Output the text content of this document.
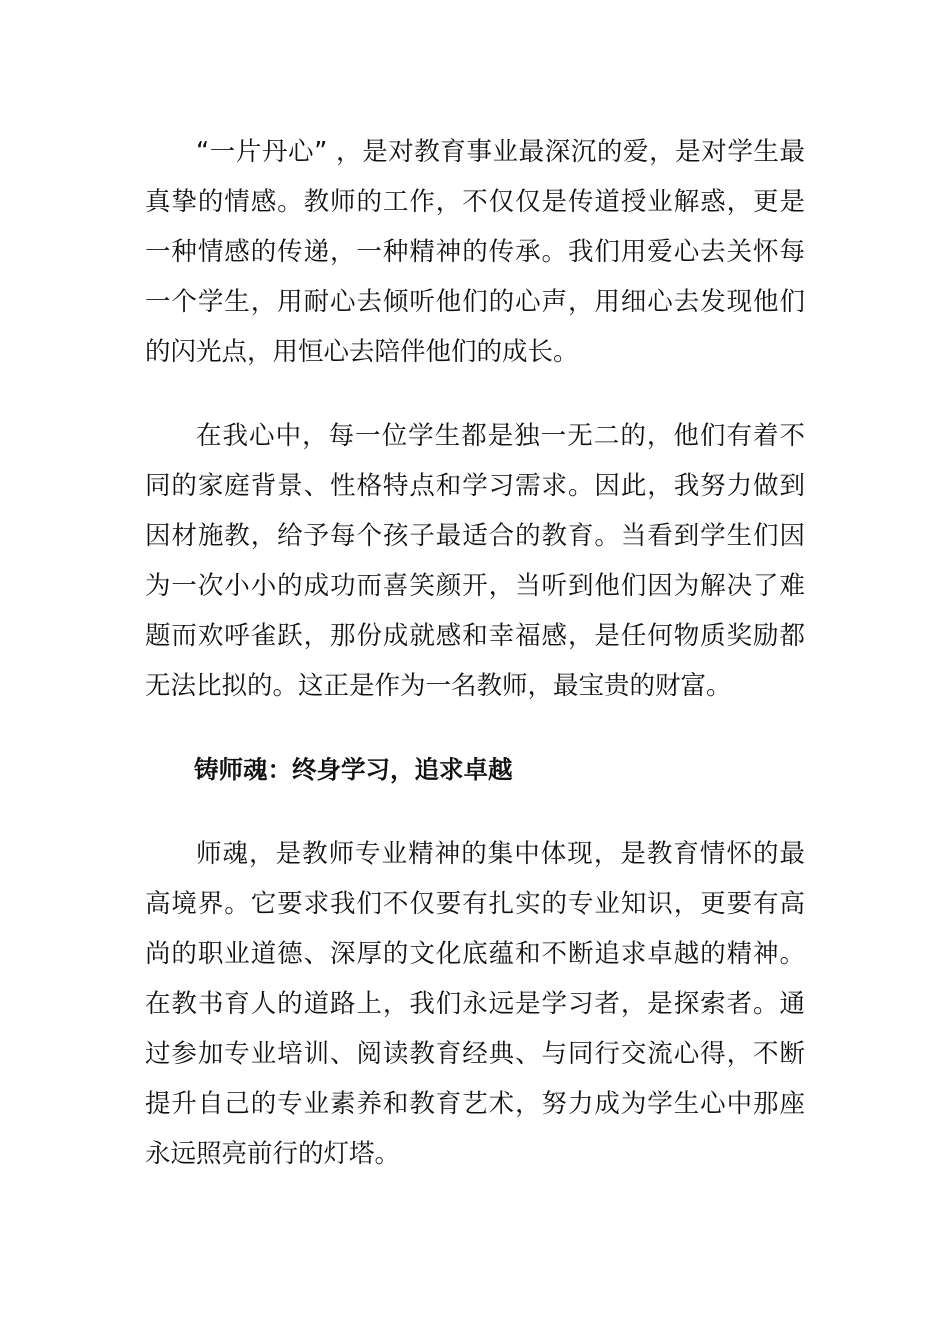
“一片丹心” ，是对教育事业最深沉的爱，是对学生最真挚的情感。教师的工作，不仅仅是传道授业解惑，更是一种情感的传递，一种精神的传承。我们用爱心去关怀每一个学生，用耐心去倾听他们的心声，用细心去发现他们的闪光点，用恒心去陪伴他们的成长。

在我心中，每一位学生都是独一无二的，他们有着不同的家庭背景、性格特点和学习需求。因此，我努力做到因材施教，给予每个孩子最适合的教育。当看到学生们因为一次小小的成功而喜笑颜开，当听到他们因为解决了难题而欢呼雀跃，那份成就感和幸福感，是任何物质奖励都无法比拟的。这正是作为一名教师，最宝贵的财富。

铸师魂：终身学习，追求卓越

师魂，是教师专业精神的集中体现，是教育情怀的最高境界。它要求我们不仅要有扎实的专业知识，更要有高尚的职业道德、深厚的文化底蕴和不断追求卓越的精神。在教书育人的道路上，我们永远是学习者，是探索者。通过参加专业培训、阅读教育经典、与同行交流心得，不断提升自己的专业素养和教育艺术，努力成为学生心中那座永远照亮前行的灯塔。
